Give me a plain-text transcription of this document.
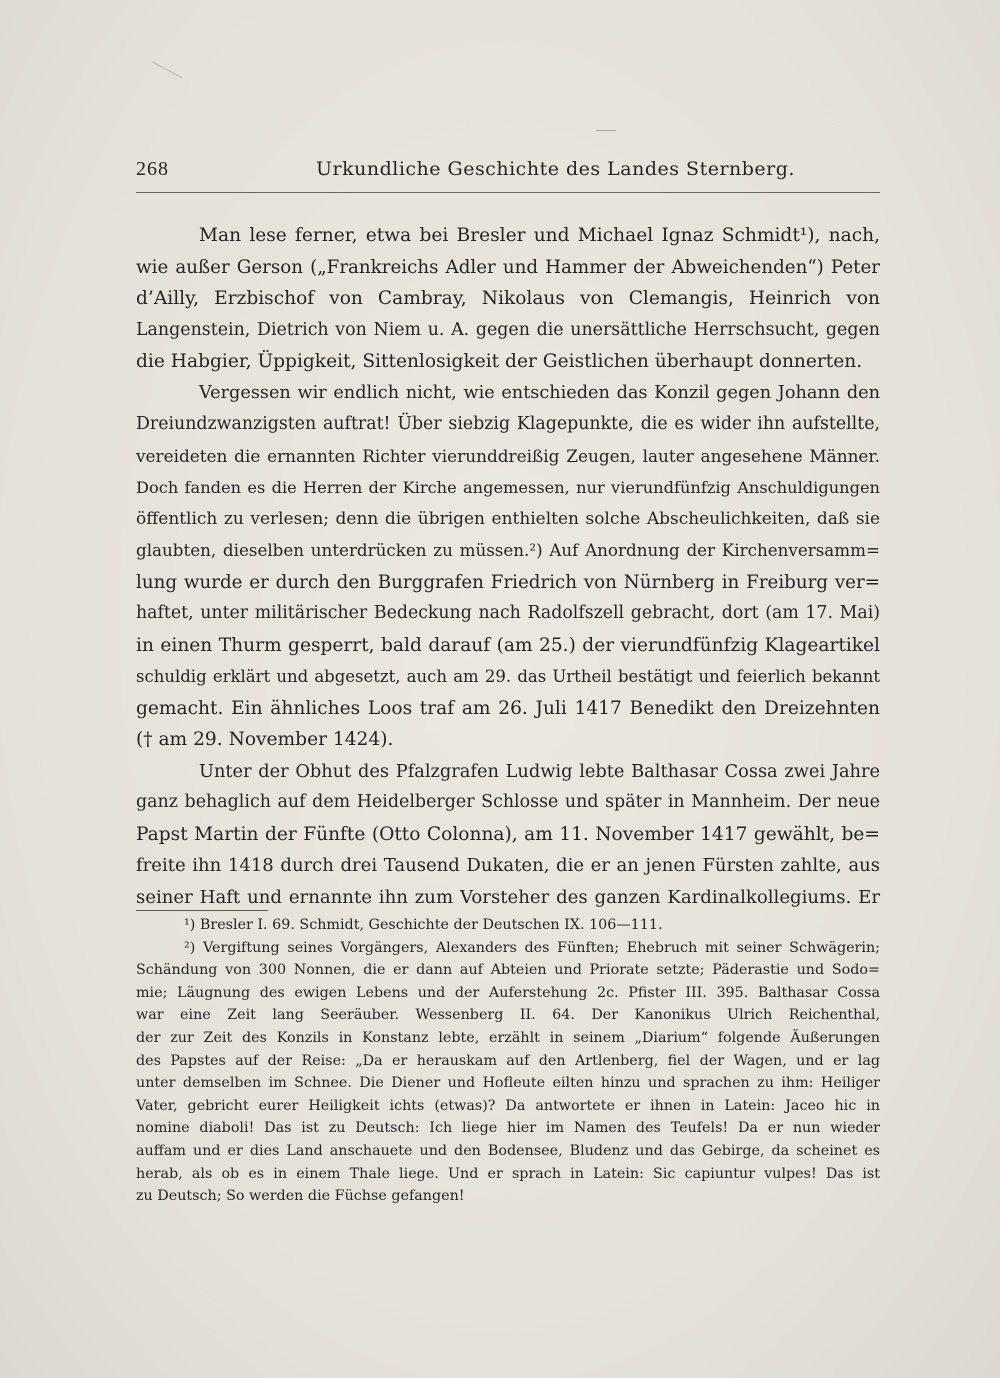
268	Urkundliche Geschichte des Landes Sternberg.
Man lese ferner, etwa bei Bresler und Michael Ignaz Schmidt¹), nach,
wie außer Gerson („Frankreichs Adler und Hammer der Abweichenden“) Peter
d’Ailly, Erzbischof von Cambray, Nikolaus von Clemangis, Heinrich von
Langenstein, Dietrich von Niem u. A. gegen die unersättliche Herrschsucht, gegen
die Habgier, Üppigkeit, Sittenlosigkeit der Geistlichen überhaupt donnerten.
Vergessen wir endlich nicht, wie entschieden das Konzil gegen Johann den
Dreiundzwanzigsten auftrat! Über siebzig Klagepunkte, die es wider ihn aufstellte,
vereideten die ernannten Richter vierunddreißig Zeugen, lauter angesehene Männer.
Doch fanden es die Herren der Kirche angemessen, nur vierundfünfzig Anschuldigungen
öffentlich zu verlesen; denn die übrigen enthielten solche Abscheulichkeiten, daß sie
glaubten, dieselben unterdrücken zu müssen.²) Auf Anordnung der Kirchenversamm=
lung wurde er durch den Burggrafen Friedrich von Nürnberg in Freiburg ver=
haftet, unter militärischer Bedeckung nach Radolfszell gebracht, dort (am 17. Mai)
in einen Thurm gesperrt, bald darauf (am 25.) der vierundfünfzig Klageartikel
schuldig erklärt und abgesetzt, auch am 29. das Urtheil bestätigt und feierlich bekannt
gemacht. Ein ähnliches Loos traf am 26. Juli 1417 Benedikt den Dreizehnten
(† am 29. November 1424).
Unter der Obhut des Pfalzgrafen Ludwig lebte Balthasar Cossa zwei Jahre
ganz behaglich auf dem Heidelberger Schlosse und später in Mannheim. Der neue
Papst Martin der Fünfte (Otto Colonna), am 11. November 1417 gewählt, be=
freite ihn 1418 durch drei Tausend Dukaten, die er an jenen Fürsten zahlte, aus
seiner Haft und ernannte ihn zum Vorsteher des ganzen Kardinalkollegiums. Er
¹) Bresler I. 69. Schmidt, Geschichte der Deutschen IX. 106—111.
²) Vergiftung seines Vorgängers, Alexanders des Fünften; Ehebruch mit seiner Schwägerin;
Schändung von 300 Nonnen, die er dann auf Abteien und Priorate setzte; Päderastie und Sodo=
mie; Läugnung des ewigen Lebens und der Auferstehung 2c. Pfister III. 395. Balthasar Cossa
war eine Zeit lang Seeräuber. Wessenberg II. 64. Der Kanonikus Ulrich Reichenthal,
der zur Zeit des Konzils in Konstanz lebte, erzählt in seinem „Diarium“ folgende Äußerungen
des Papstes auf der Reise: „Da er herauskam auf den Artlenberg, fiel der Wagen, und er lag
unter demselben im Schnee. Die Diener und Hofleute eilten hinzu und sprachen zu ihm: Heiliger
Vater, gebricht eurer Heiligkeit ichts (etwas)? Da antwortete er ihnen in Latein: Jaceo hic in
nomine diaboli! Das ist zu Deutsch: Ich liege hier im Namen des Teufels! Da er nun wieder
auffam und er dies Land anschauete und den Bodensee, Bludenz und das Gebirge, da scheinet es
herab, als ob es in einem Thale liege. Und er sprach in Latein: Sic capiuntur vulpes! Das ist
zu Deutsch; So werden die Füchse gefangen!
